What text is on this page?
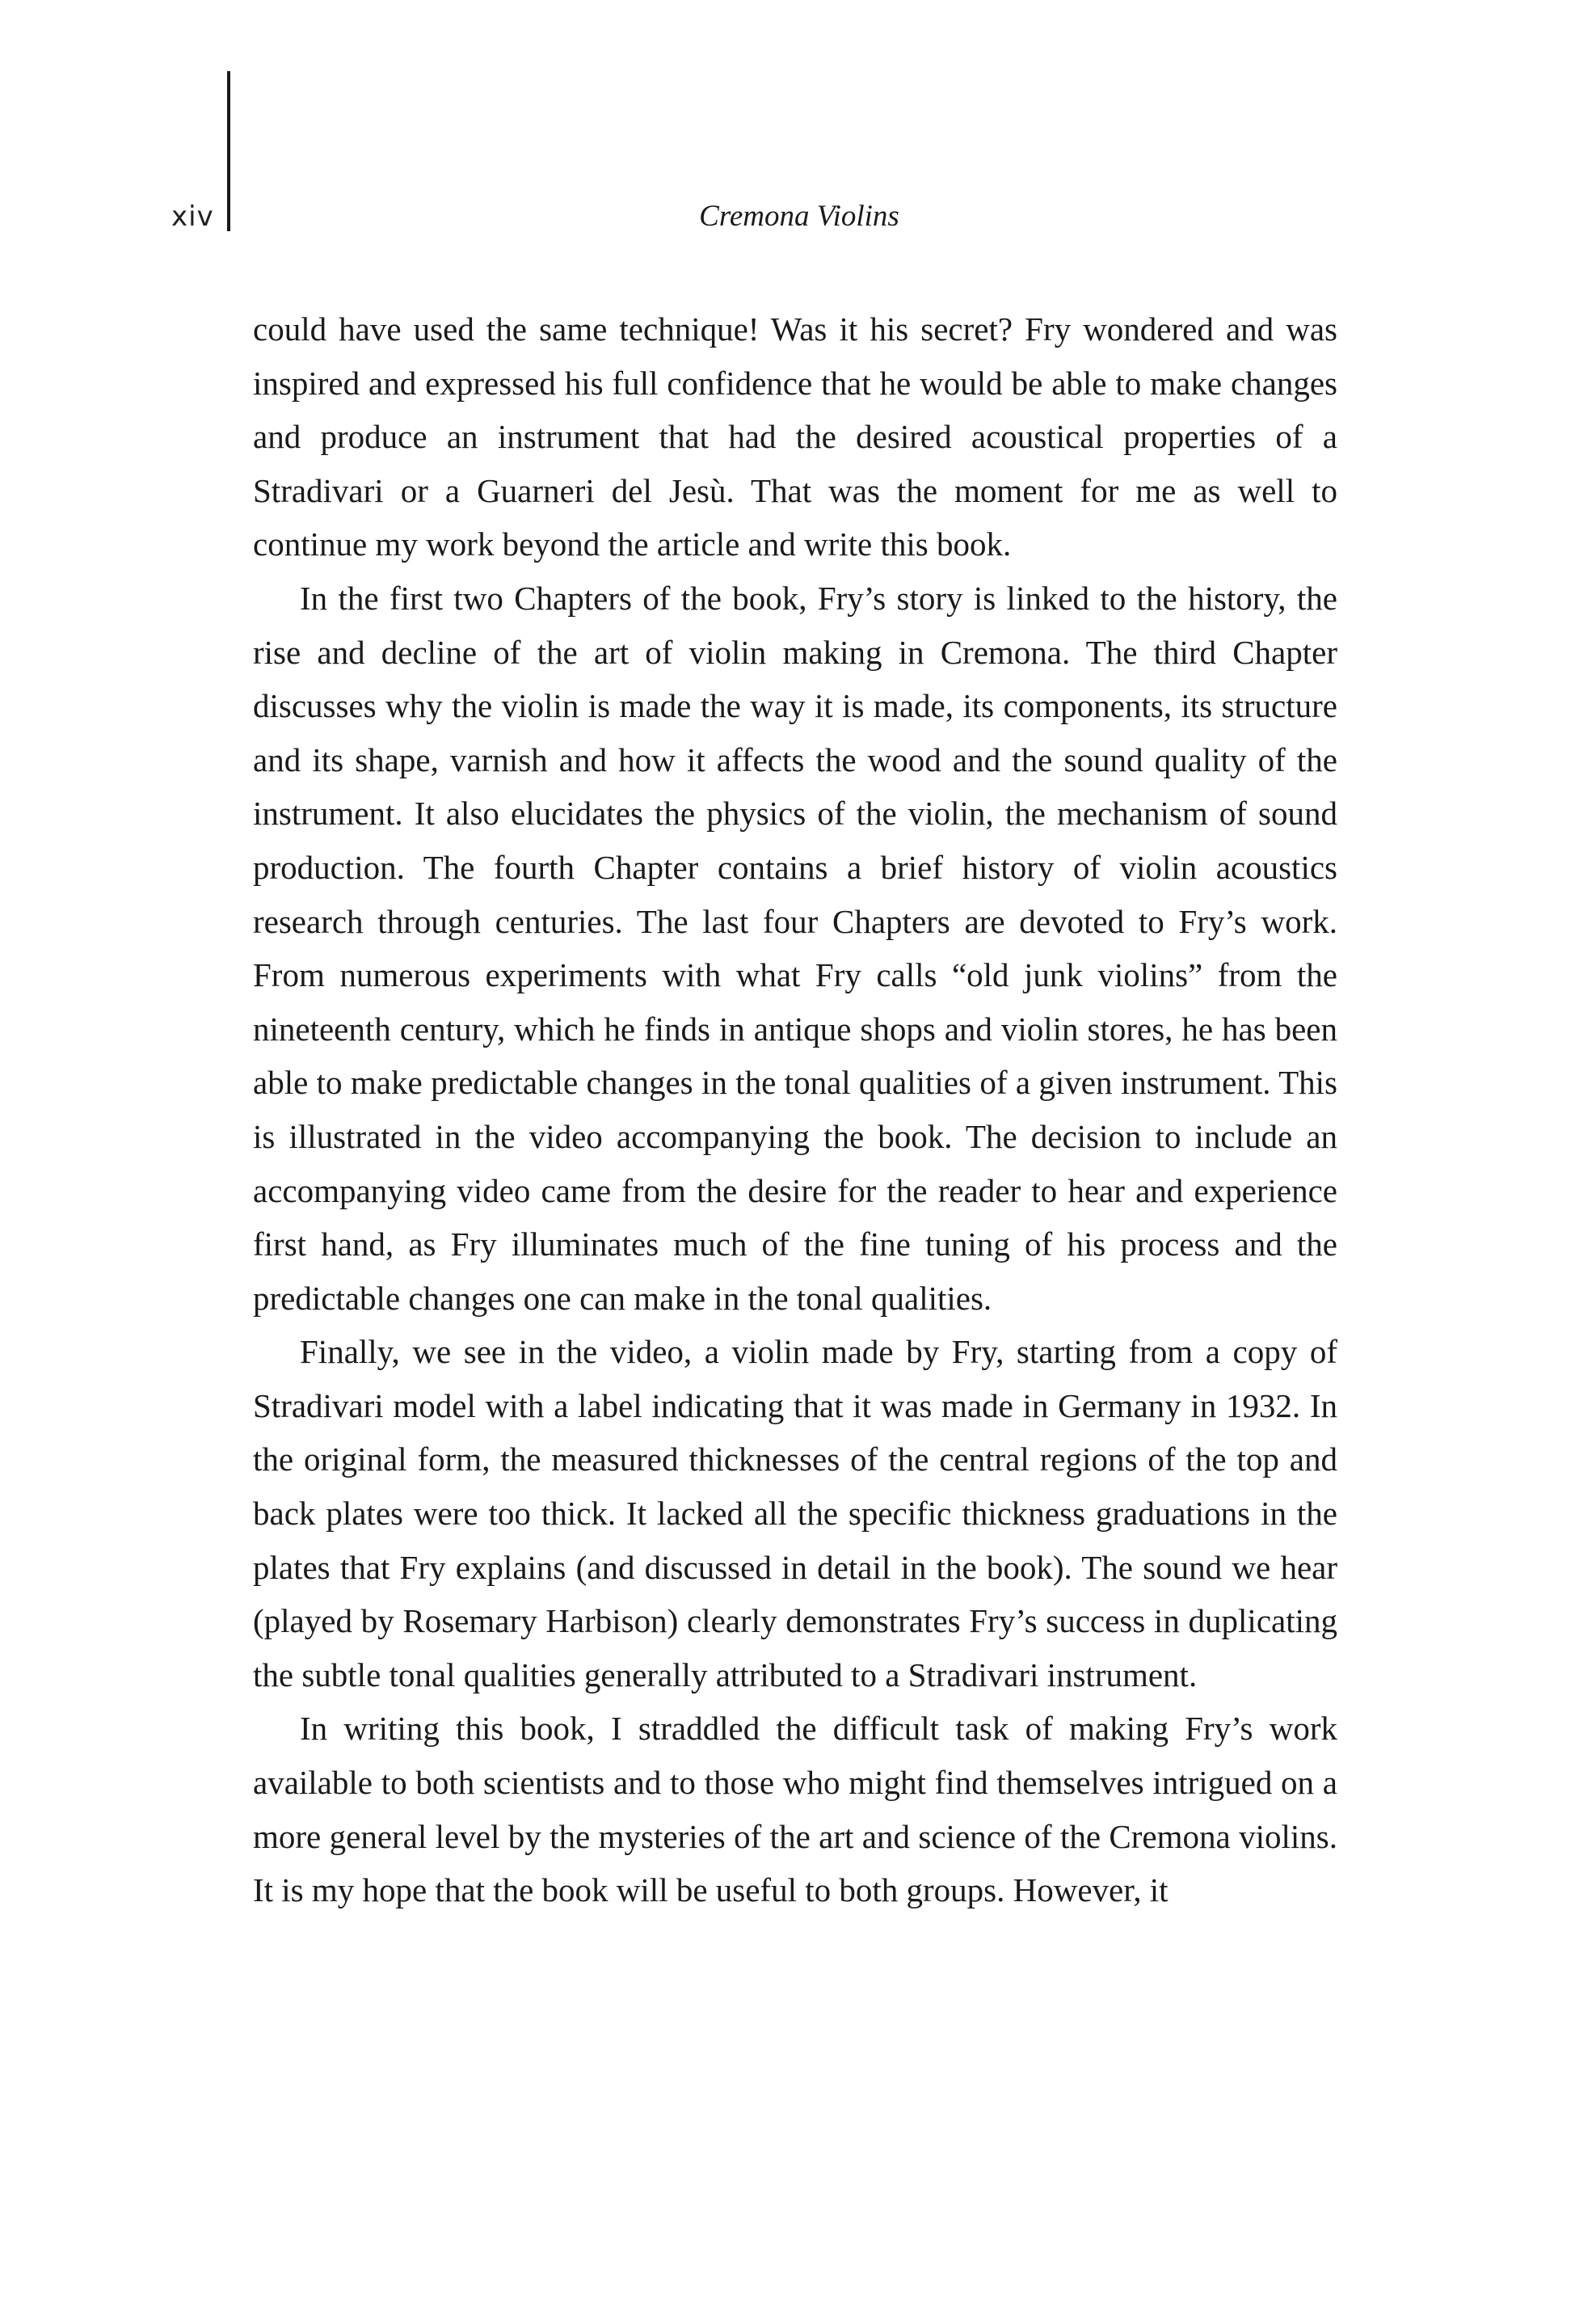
xiv	Cremona Violins

could have used the same technique! Was it his secret? Fry wondered and was inspired and expressed his full confidence that he would be able to make changes and produce an instrument that had the desired acoustical properties of a Stradivari or a Guarneri del Jesù. That was the moment for me as well to continue my work beyond the article and write this book.

In the first two Chapters of the book, Fry’s story is linked to the history, the rise and decline of the art of violin making in Cremona. The third Chapter discusses why the violin is made the way it is made, its components, its structure and its shape, varnish and how it affects the wood and the sound quality of the instrument. It also elucidates the physics of the violin, the mechanism of sound production. The fourth Chapter contains a brief history of violin acoustics research through centuries. The last four Chapters are devoted to Fry’s work. From numerous experiments with what Fry calls “old junk violins” from the nineteenth century, which he finds in antique shops and violin stores, he has been able to make predictable changes in the tonal qualities of a given instrument. This is illustrated in the video accompanying the book. The decision to include an accompanying video came from the desire for the reader to hear and experience first hand, as Fry illuminates much of the fine tuning of his process and the predictable changes one can make in the tonal qualities.

Finally, we see in the video, a violin made by Fry, starting from a copy of Stradivari model with a label indicating that it was made in Germany in 1932. In the original form, the measured thicknesses of the central regions of the top and back plates were too thick. It lacked all the specific thickness graduations in the plates that Fry explains (and discussed in detail in the book). The sound we hear (played by Rosemary Harbison) clearly demonstrates Fry’s success in duplicating the subtle tonal qualities generally attributed to a Stradivari instrument.

In writing this book, I straddled the difficult task of making Fry’s work available to both scientists and to those who might find themselves intrigued on a more general level by the mysteries of the art and science of the Cremona violins. It is my hope that the book will be useful to both groups. However, it
